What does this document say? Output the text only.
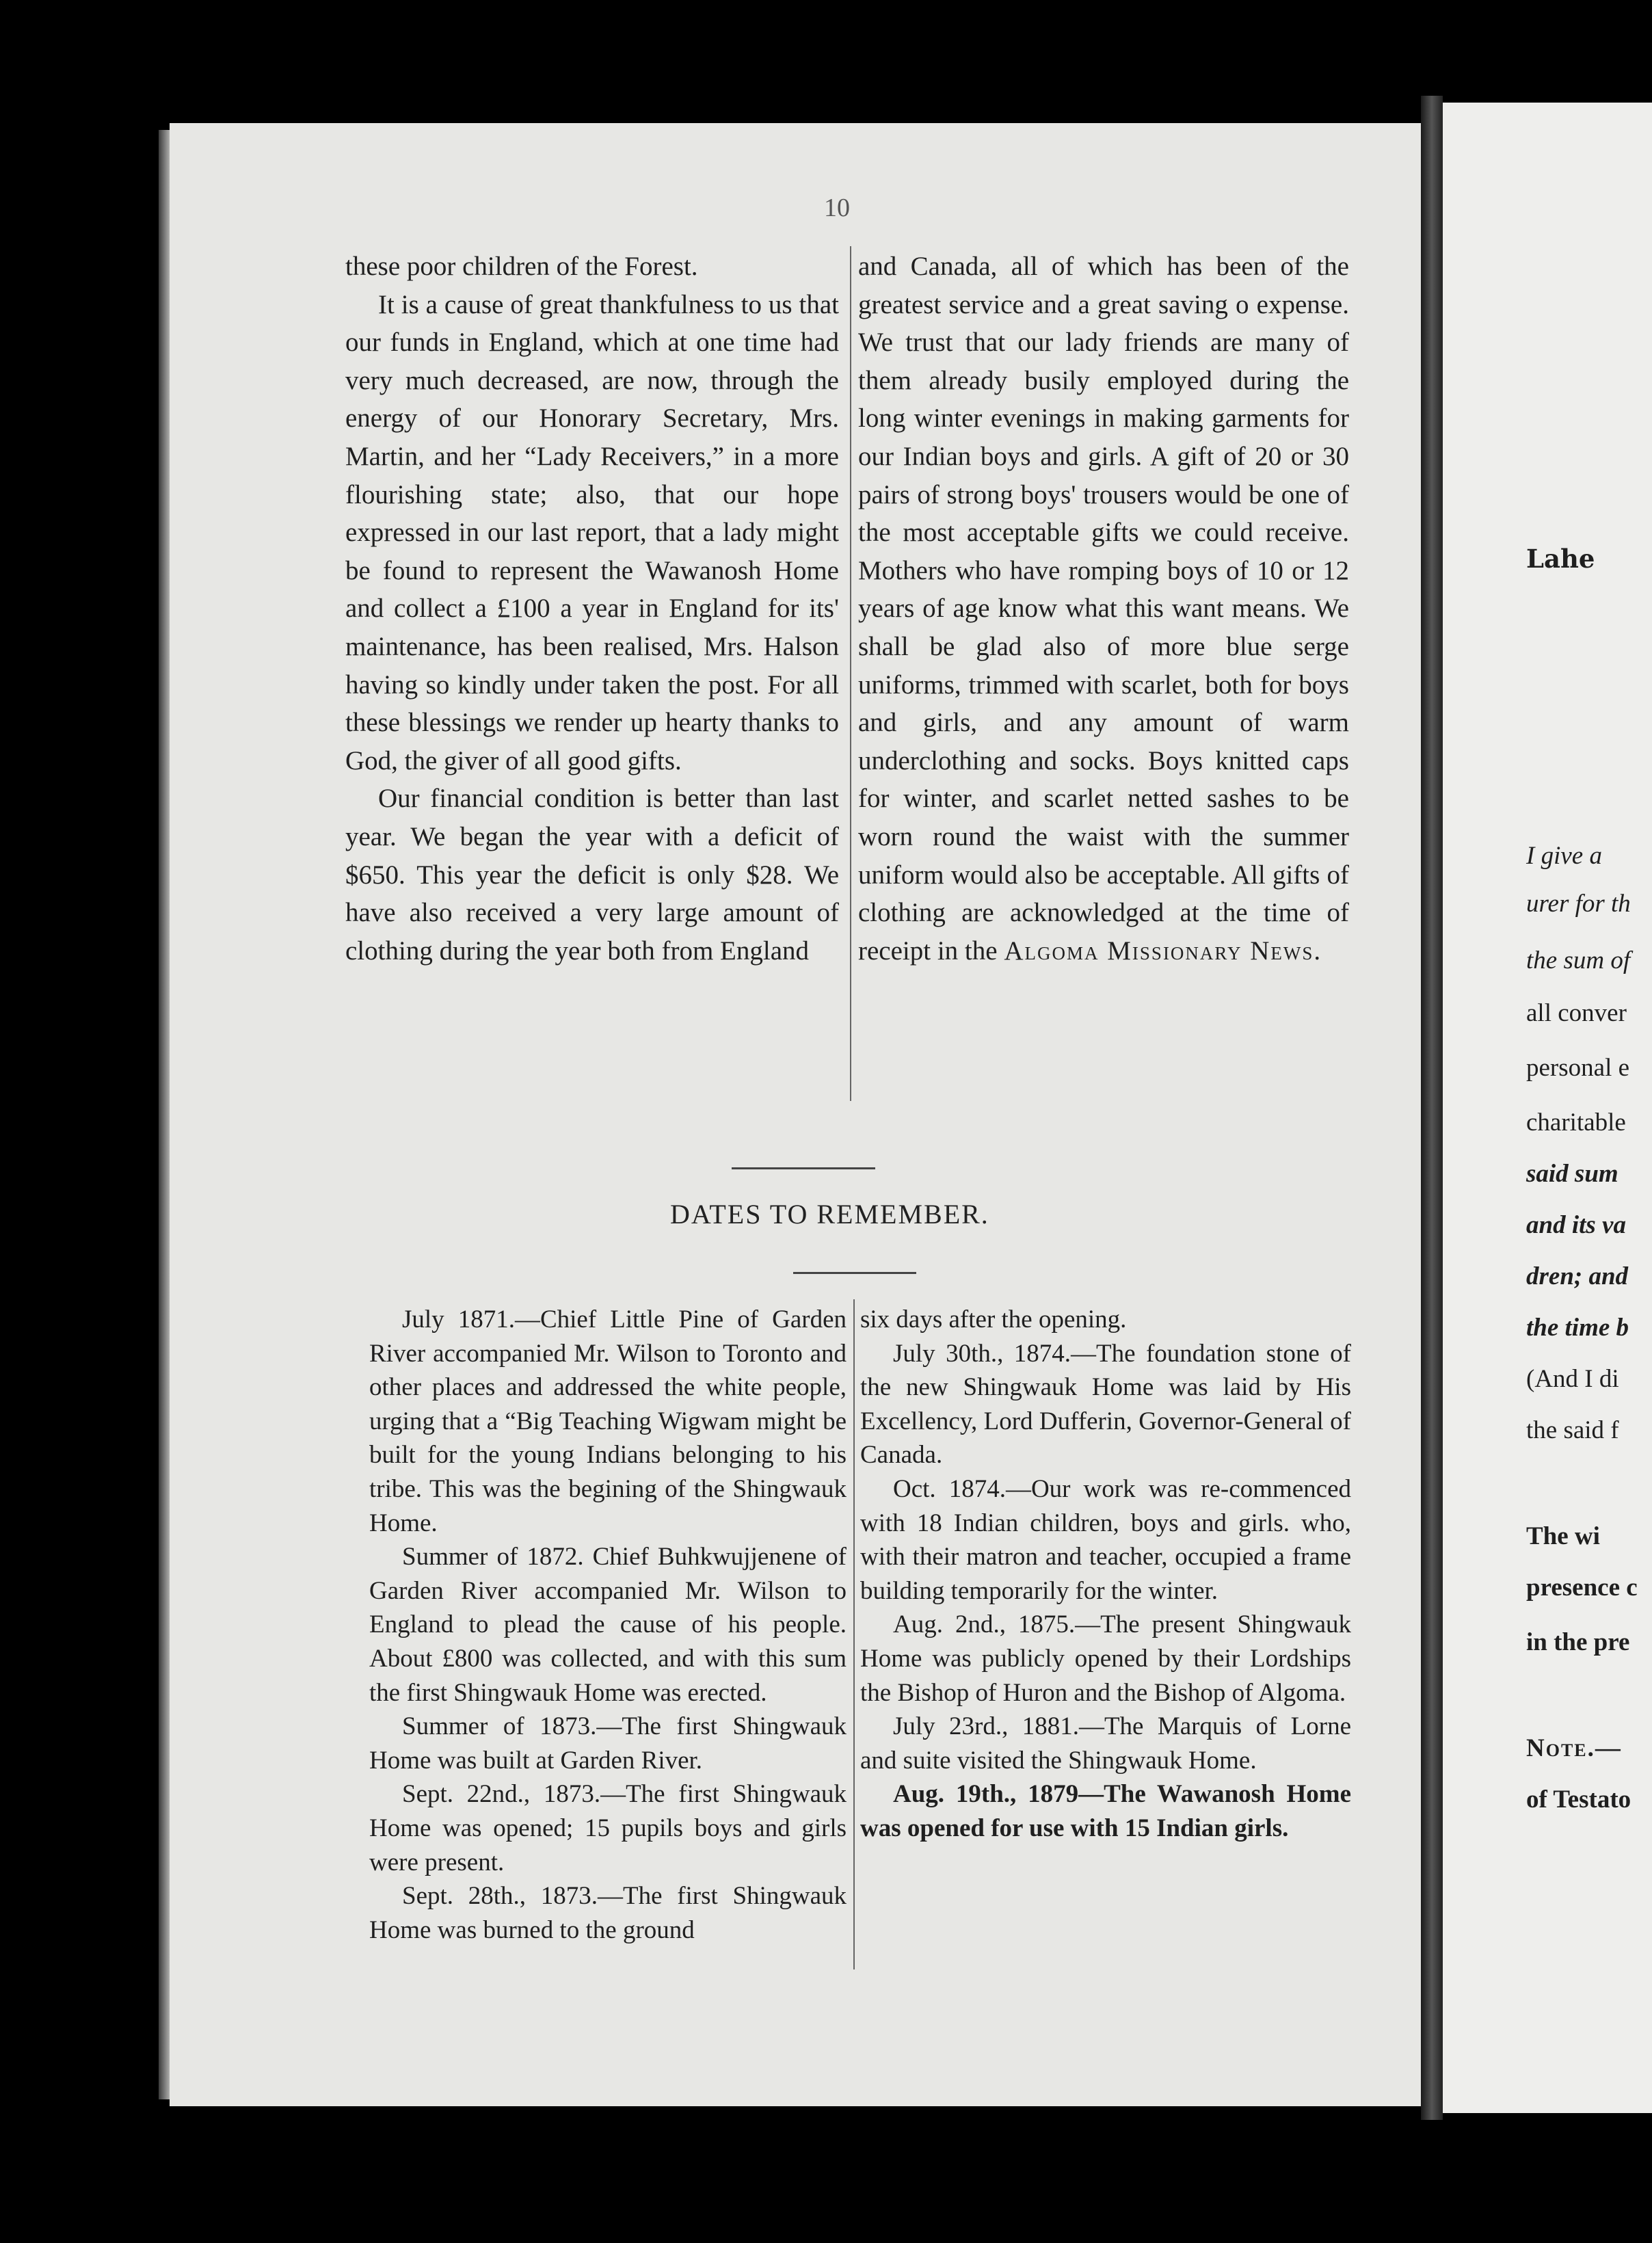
10

these poor children of the Forest.

It is a cause of great thankfulness to us that our funds in England, which at one time had very much decreased, are now, through the energy of our Honorary Secretary, Mrs. Martin, and her “Lady Receivers,” in a more flourishing state; also, that our hope expressed in our last report, that a lady might be found to represent the Wawanosh Home and collect a £100 a year in England for its' maintenance, has been realised, Mrs. Halson having so kindly under taken the post. For all these blessings we render up hearty thanks to God, the giver of all good gifts.

Our financial condition is better than last year. We began the year with a deficit of $650. This year the deficit is only $28. We have also received a very large amount of clothing during the year both from England

and Canada, all of which has been of the greatest service and a great saving o expense. We trust that our lady friends are many of them already busily employed during the long winter evenings in making garments for our Indian boys and girls. A gift of 20 or 30 pairs of strong boys' trousers would be one of the most acceptable gifts we could receive. Mothers who have romping boys of 10 or 12 years of age know what this want means. We shall be glad also of more blue serge uniforms, trimmed with scarlet, both for boys and girls, and any amount of warm underclothing and socks. Boys knitted caps for winter, and scarlet netted sashes to be worn round the waist with the summer uniform would also be acceptable. All gifts of clothing are acknowledged at the time of receipt in the Algoma Missionary News.

DATES TO REMEMBER.

July 1871.—Chief Little Pine of Garden River accompanied Mr. Wilson to Toronto and other places and addressed the white people, urging that a “Big Teaching Wigwam might be built for the young Indians belonging to his tribe. This was the begining of the Shingwauk Home.

Summer of 1872. Chief Buhkwujjenene of Garden River accompanied Mr. Wilson to England to plead the cause of his people. About £800 was collected, and with this sum the first Shingwauk Home was erected.

Summer of 1873.—The first Shingwauk Home was built at Garden River.

Sept. 22nd., 1873.—The first Shingwauk Home was opened; 15 pupils boys and girls were present.

Sept. 28th., 1873.—The first Shingwauk Home was burned to the ground

six days after the opening.

July 30th., 1874.—The foundation stone of the new Shingwauk Home was laid by His Excellency, Lord Dufferin, Governor-General of Canada.

Oct. 1874.—Our work was re-commenced with 18 Indian children, boys and girls. who, with their matron and teacher, occupied a frame building temporarily for the winter.

Aug. 2nd., 1875.—The present Shingwauk Home was publicly opened by their Lordships the Bishop of Huron and the Bishop of Algoma.

July 23rd., 1881.—The Marquis of Lorne and suite visited the Shingwauk Home.

Aug. 19th., 1879—The Wawanosh Home was opened for use with 15 Indian girls.

Lahe
I give a
urer for th
the sum of
all conver
personal e
charitable
said sum
and its va
dren; and
the time b
(And I di
the said f
The wi
presence c
in the pre
Note.—
of Testato
